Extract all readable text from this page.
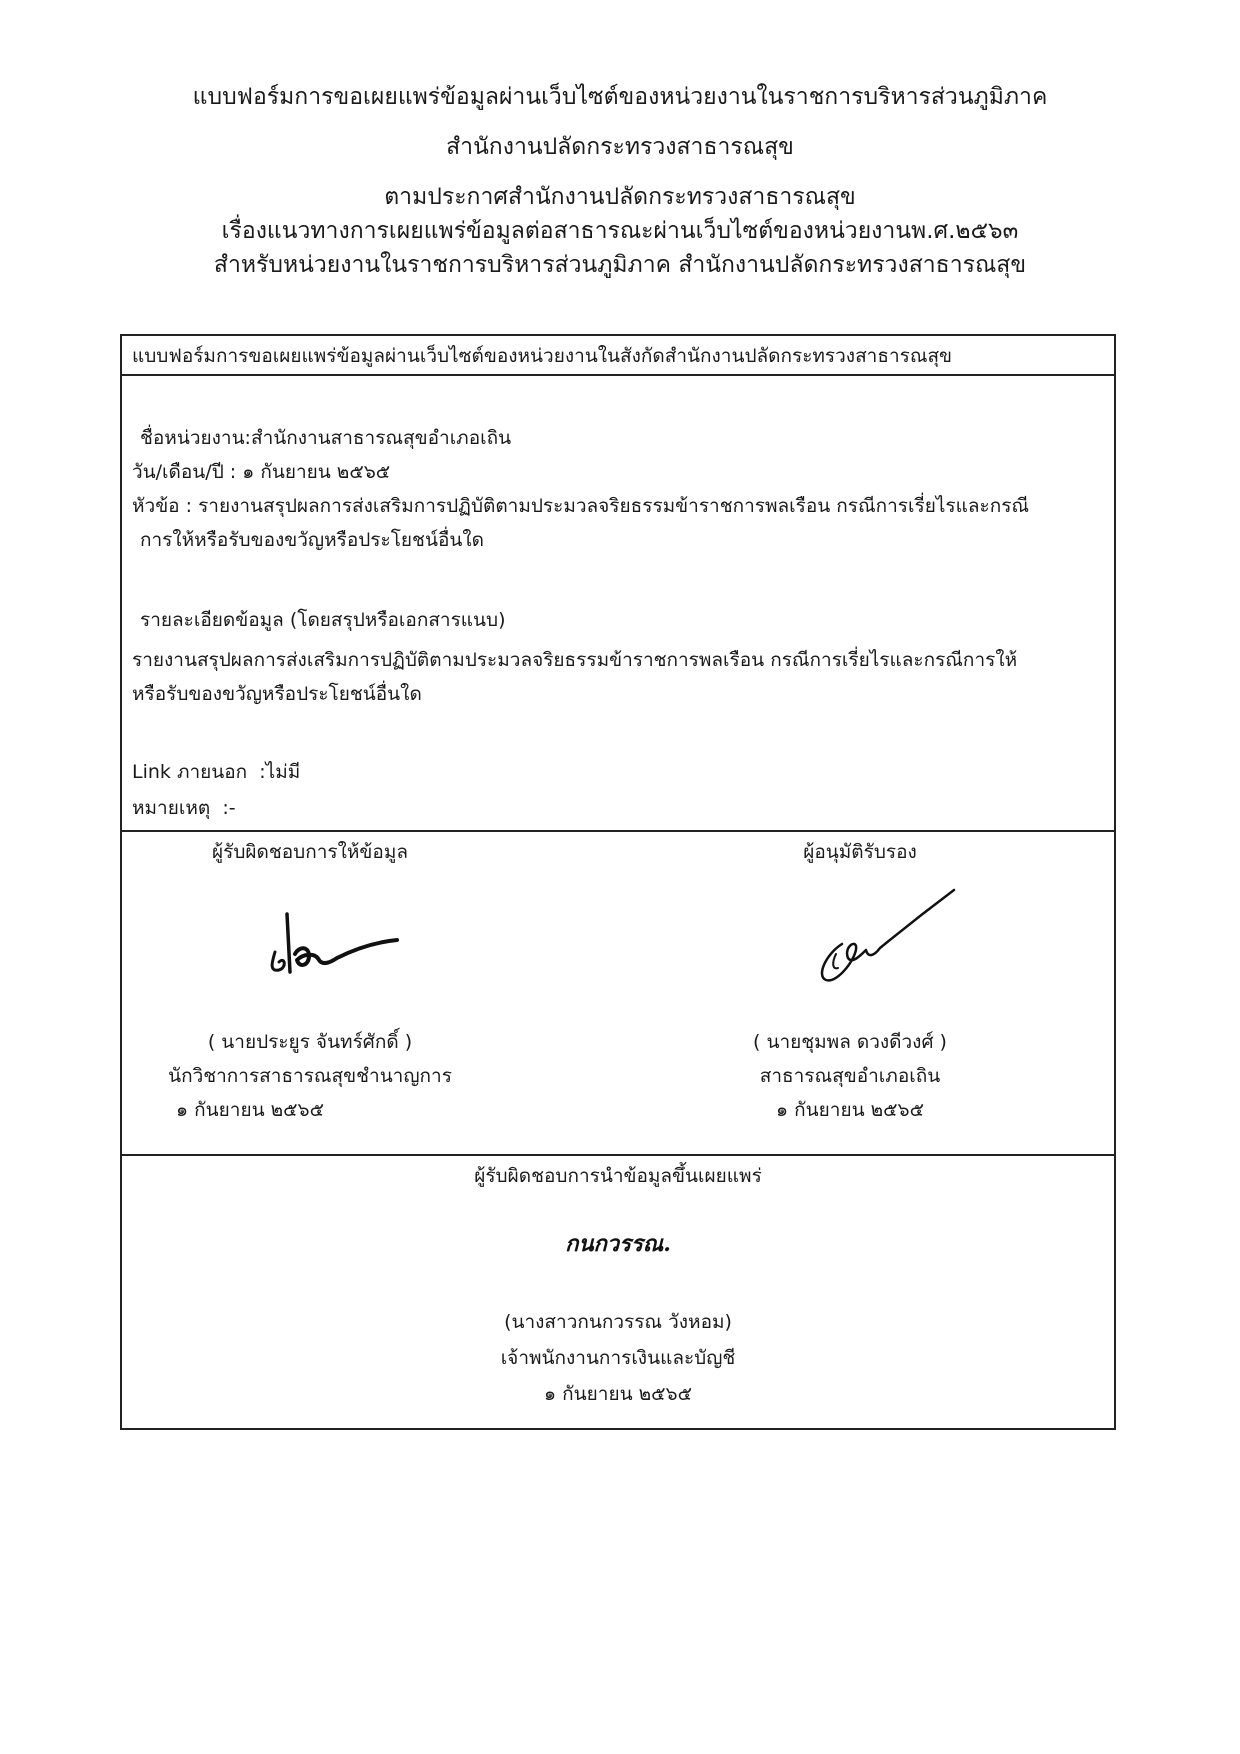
แบบฟอร์มการขอเผยแพร่ข้อมูลผ่านเว็บไซต์ของหน่วยงานในราชการบริหารส่วนภูมิภาค
สำนักงานปลัดกระทรวงสาธารณสุข
ตามประกาศสำนักงานปลัดกระทรวงสาธารณสุข
เรื่องแนวทางการเผยแพร่ข้อมูลต่อสาธารณะผ่านเว็บไซต์ของหน่วยงานพ.ศ.๒๕๖๓
สำหรับหน่วยงานในราชการบริหารส่วนภูมิภาค สำนักงานปลัดกระทรวงสาธารณสุข
แบบฟอร์มการขอเผยแพร่ข้อมูลผ่านเว็บไซต์ของหน่วยงานในสังกัดสำนักงานปลัดกระทรวงสาธารณสุข
ชื่อหน่วยงาน:สำนักงานสาธารณสุขอำเภอเถิน
วัน/เดือน/ปี : ๑ กันยายน ๒๕๖๕
หัวข้อ : รายงานสรุปผลการส่งเสริมการปฏิบัติตามประมวลจริยธรรมข้าราชการพลเรือน กรณีการเรี่ยไรและกรณี
การให้หรือรับของขวัญหรือประโยชน์อื่นใด
รายละเอียดข้อมูล (โดยสรุปหรือเอกสารแนบ)
รายงานสรุปผลการส่งเสริมการปฏิบัติตามประมวลจริยธรรมข้าราชการพลเรือน กรณีการเรี่ยไรและกรณีการให้
หรือรับของขวัญหรือประโยชน์อื่นใด
Link ภายนอก :ไม่มี
หมายเหตุ :-
ผู้รับผิดชอบการให้ข้อมูล	ผู้อนุมัติรับรอง
( นายประยูร จันทร์ศักดิ์ )
นักวิชาการสาธารณสุขชำนาญการ
๑ กันยายน ๒๕๖๕
( นายชุมพล ดวงดีวงศ์ )
สาธารณสุขอำเภอเถิน
๑ กันยายน ๒๕๖๕
ผู้รับผิดชอบการนำข้อมูลขึ้นเผยแพร่
กนกวรรณ.
(นางสาวกนกวรรณ วังหอม)
เจ้าพนักงานการเงินและบัญชี
๑ กันยายน ๒๕๖๕
